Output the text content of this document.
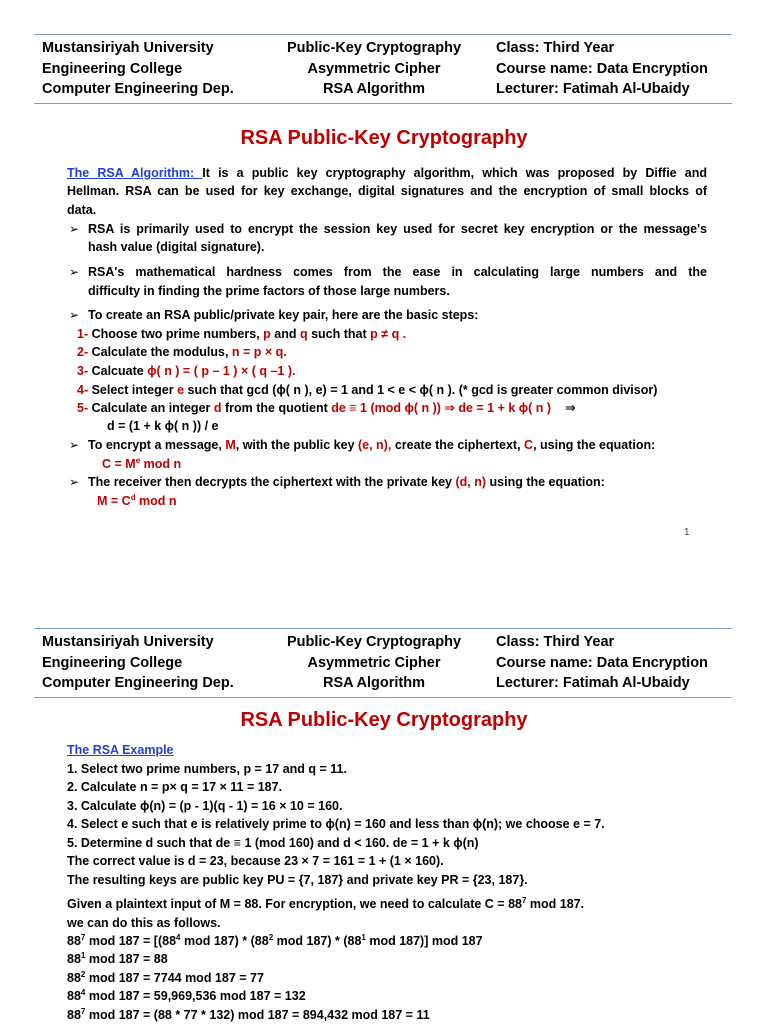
Mustansiriyah University
Engineering College
Computer Engineering Dep.
Public-Key Cryptography
Asymmetric Cipher
RSA Algorithm
Class: Third Year
Course name: Data Encryption
Lecturer: Fatimah Al-Ubaidy
RSA Public-Key Cryptography
The RSA Algorithm: It is a public key cryptography algorithm, which was proposed by Diffie and
Hellman. RSA can be used for key exchange, digital signatures and the encryption of small blocks of
data.
➢ RSA is primarily used to encrypt the session key used for secret key encryption or the message's
hash value (digital signature).
➢ RSA's mathematical hardness comes from the ease in calculating large numbers and the
difficulty in finding the prime factors of those large numbers.
➢ To create an RSA public/private key pair, here are the basic steps:
1- Choose two prime numbers, p and q such that p ≠ q .
2- Calculate the modulus, n = p × q.
3- Calcuate ϕ( n ) = ( p – 1 ) × ( q –1 ).
4- Select integer e such that gcd (ϕ( n ), e) = 1 and 1 < e < ϕ( n ). (* gcd is greater common divisor)
5- Calculate an integer d from the quotient de ≡ 1 (mod ϕ( n )) ⇒ de = 1 + k ϕ( n ) ⇒
d = (1 + k ϕ( n )) / e
➢ To encrypt a message, M, with the public key (e, n), create the ciphertext, C, using the equation:
$C = M^e$ mod n
➢ The receiver then decrypts the ciphertext with the private key (d, n) using the equation:
$M = C^d$ mod n
1
Mustansiriyah University
Engineering College
Computer Engineering Dep.
Public-Key Cryptography
Asymmetric Cipher
RSA Algorithm
Class: Third Year
Course name: Data Encryption
Lecturer: Fatimah Al-Ubaidy
RSA Public-Key Cryptography
The RSA Example
1. Select two prime numbers, p = 17 and q = 11.
2. Calculate n = p× q = 17 × 11 = 187.
3. Calculate ϕ(n) = (p - 1)(q - 1) = 16 × 10 = 160.
4. Select e such that e is relatively prime to ϕ(n) = 160 and less than ϕ(n); we choose e = 7.
5. Determine d such that de ≡ 1 (mod 160) and d < 160. de = 1 + k ϕ(n)
The correct value is d = 23, because 23 × 7 = 161 = 1 + (1 × 160).
The resulting keys are public key PU = {7, 187} and private key PR = {23, 187}.
Given a plaintext input of M = 88. For encryption, we need to calculate $C = 88^7$ mod 187.
we can do this as follows.
$88^7$ mod $187 = [(88^4$ mod $187) * (88^2$ mod $187) * (88^1$ mod 187)] mod 187
$88^1$ mod 187 = 88
$88^2$ mod 187 = 7744 mod 187 = 77
$88^4$ mod 187 = 59,969,536 mod 187 = 132
$88^7$ mod 187 = (88 * 77 * 132) mod 187 = 894,432 mod 187 = 11
